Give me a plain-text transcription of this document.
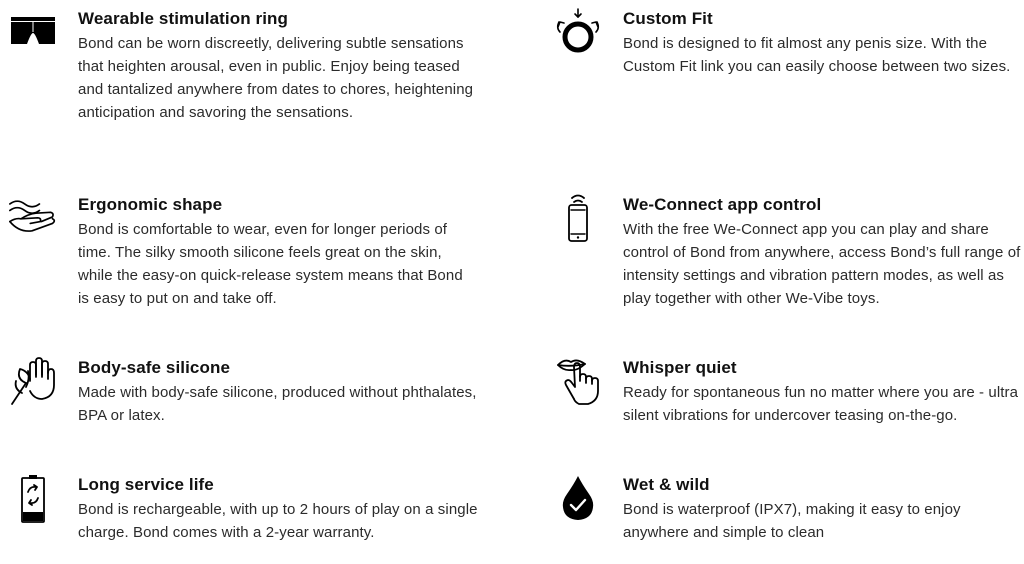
Wearable stimulation ring

Bond can be worn discreetly, delivering subtle sensations that heighten arousal, even in public. Enjoy being teased and tantalized anywhere from dates to chores, heightening anticipation and savoring the sensations.

Ergonomic shape

Bond is comfortable to wear, even for longer periods of time. The silky smooth silicone feels great on the skin, while the easy-on quick-release system means that Bond is easy to put on and take off.

Body-safe silicone

Made with body-safe silicone, produced without phthalates, BPA or latex.

Long service life

Bond is rechargeable, with up to 2 hours of play on a single charge. Bond comes with a 2-year warranty.

Custom Fit

Bond is designed to fit almost any penis size. With the Custom Fit link you can easily choose between two sizes.

We-Connect app control

With the free We-Connect app you can play and share control of Bond from anywhere, access Bond’s full range of intensity settings and vibration pattern modes, as well as play together with other We-Vibe toys.

Whisper quiet

Ready for spontaneous fun no matter where you are - ultra silent vibrations for undercover teasing on-the-go.

Wet & wild

Bond is waterproof (IPX7), making it easy to enjoy anywhere and simple to clean
